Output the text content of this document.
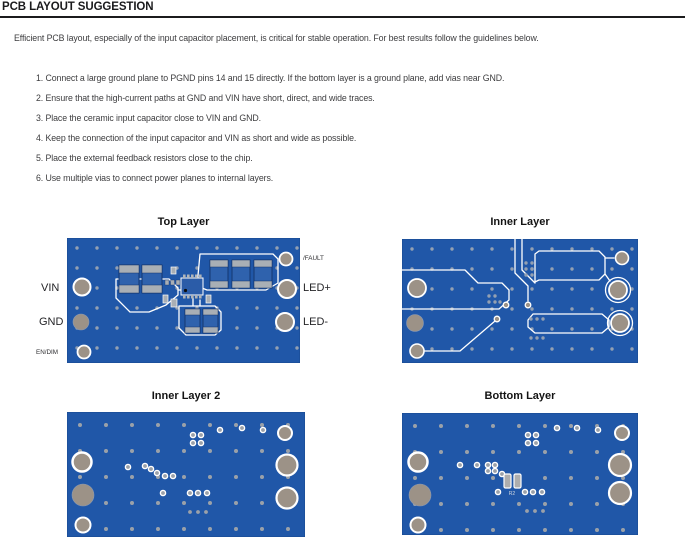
PCB LAYOUT SUGGESTION
Efficient PCB layout, especially of the input capacitor placement, is critical for stable operation. For best results follow the guidelines below.
1. Connect a large ground plane to PGND pins 14 and 15 directly. If the bottom layer is a ground plane, add vias near GND.
2. Ensure that the high-current paths at GND and VIN have short, direct, and wide traces.
3. Place the ceramic input capacitor close to VIN and GND.
4. Keep the connection of the input capacitor and VIN as short and wide as possible.
5. Place the external feedback resistors close to the chip.
6. Use multiple vias to connect power planes to internal layers.
Top Layer	Inner Layer
Inner Layer 2	Bottom Layer
VIN
GND
EN/DIM
/FAULT
LED+
LED-
R2
